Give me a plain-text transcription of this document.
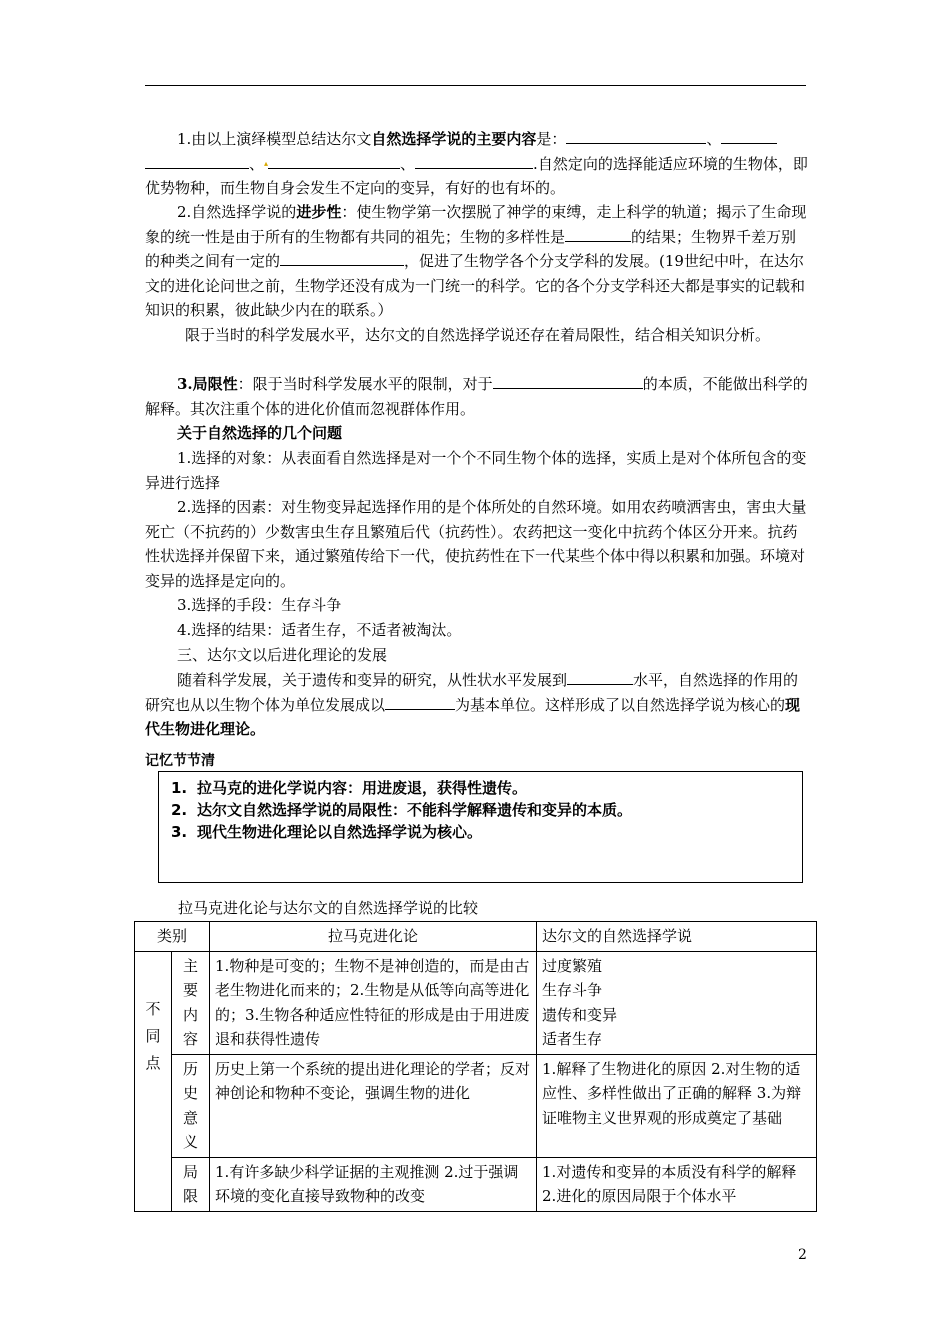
1.由以上演绎模型总结达尔文自然选择学说的主要内容是：	、
、▴	、	.自然定向的选择能适应环境的生物体，即优势物种，而生物自身会发生不定向的变异，有好的也有坏的。

2.自然选择学说的进步性：使生物学第一次摆脱了神学的束缚，走上科学的轨道；揭示了生命现象的统一性是由于所有的生物都有共同的祖先；生物的多样性是	的结果；生物界千差万别的种类之间有一定的	，促进了生物学各个分支学科的发展。(19世纪中叶，在达尔文的进化论问世之前，生物学还没有成为一门统一的科学。它的各个分支学科还大都是事实的记载和知识的积累，彼此缺少内在的联系。）

限于当时的科学发展水平，达尔文的自然选择学说还存在着局限性，结合相关知识分析。

3.局限性：限于当时科学发展水平的限制，对于	的本质，不能做出科学的解释。其次注重个体的进化价值而忽视群体作用。

关于自然选择的几个问题

1.选择的对象：从表面看自然选择是对一个个不同生物个体的选择，实质上是对个体所包含的变异进行选择

2.选择的因素：对生物变异起选择作用的是个体所处的自然环境。如用农药喷洒害虫，害虫大量死亡（不抗药的）少数害虫生存且繁殖后代（抗药性）。农药把这一变化中抗药个体区分开来。抗药性状选择并保留下来，通过繁殖传给下一代，使抗药性在下一代某些个体中得以积累和加强。环境对变异的选择是定向的。

3.选择的手段：生存斗争

4.选择的结果：适者生存，不适者被淘汰。

三、达尔文以后进化理论的发展

随着科学发展，关于遗传和变异的研究，从性状水平发展到	水平，自然选择的作用的研究也从以生物个体为单位发展成以	为基本单位。这样形成了以自然选择学说为核心的现代生物进化理论。

记忆节节清
1. 拉马克的进化学说内容：用进废退，获得性遗传。
2. 达尔文自然选择学说的局限性：不能科学解释遗传和变异的本质。
3. 现代生物进化理论以自然选择学说为核心。
拉马克进化论与达尔文的自然选择学说的比较
类别		拉马克进化论	达尔文的自然选择学说
不同点	主要内容	1.物种是可变的；生物不是神创造的，而是由古老生物进化而来的；2.生物是从低等向高等进化的；3.生物各种适应性特征的形成是由于用进废退和获得性遗传	过度繁殖
生存斗争
遗传和变异
适者生存

	历史意义	历史上第一个系统的提出进化理论的学者；反对神创论和物种不变论，强调生物的进化	1.解释了生物进化的原因 2.对生物的适应性、多样性做出了正确的解释 3.为辩证唯物主义世界观的形成奠定了基础
	局限	1.有许多缺少科学证据的主观推测 2.过于强调环境的变化直接导致物种的改变	1.对遗传和变异的本质没有科学的解释 2.进化的原因局限于个体水平
2
